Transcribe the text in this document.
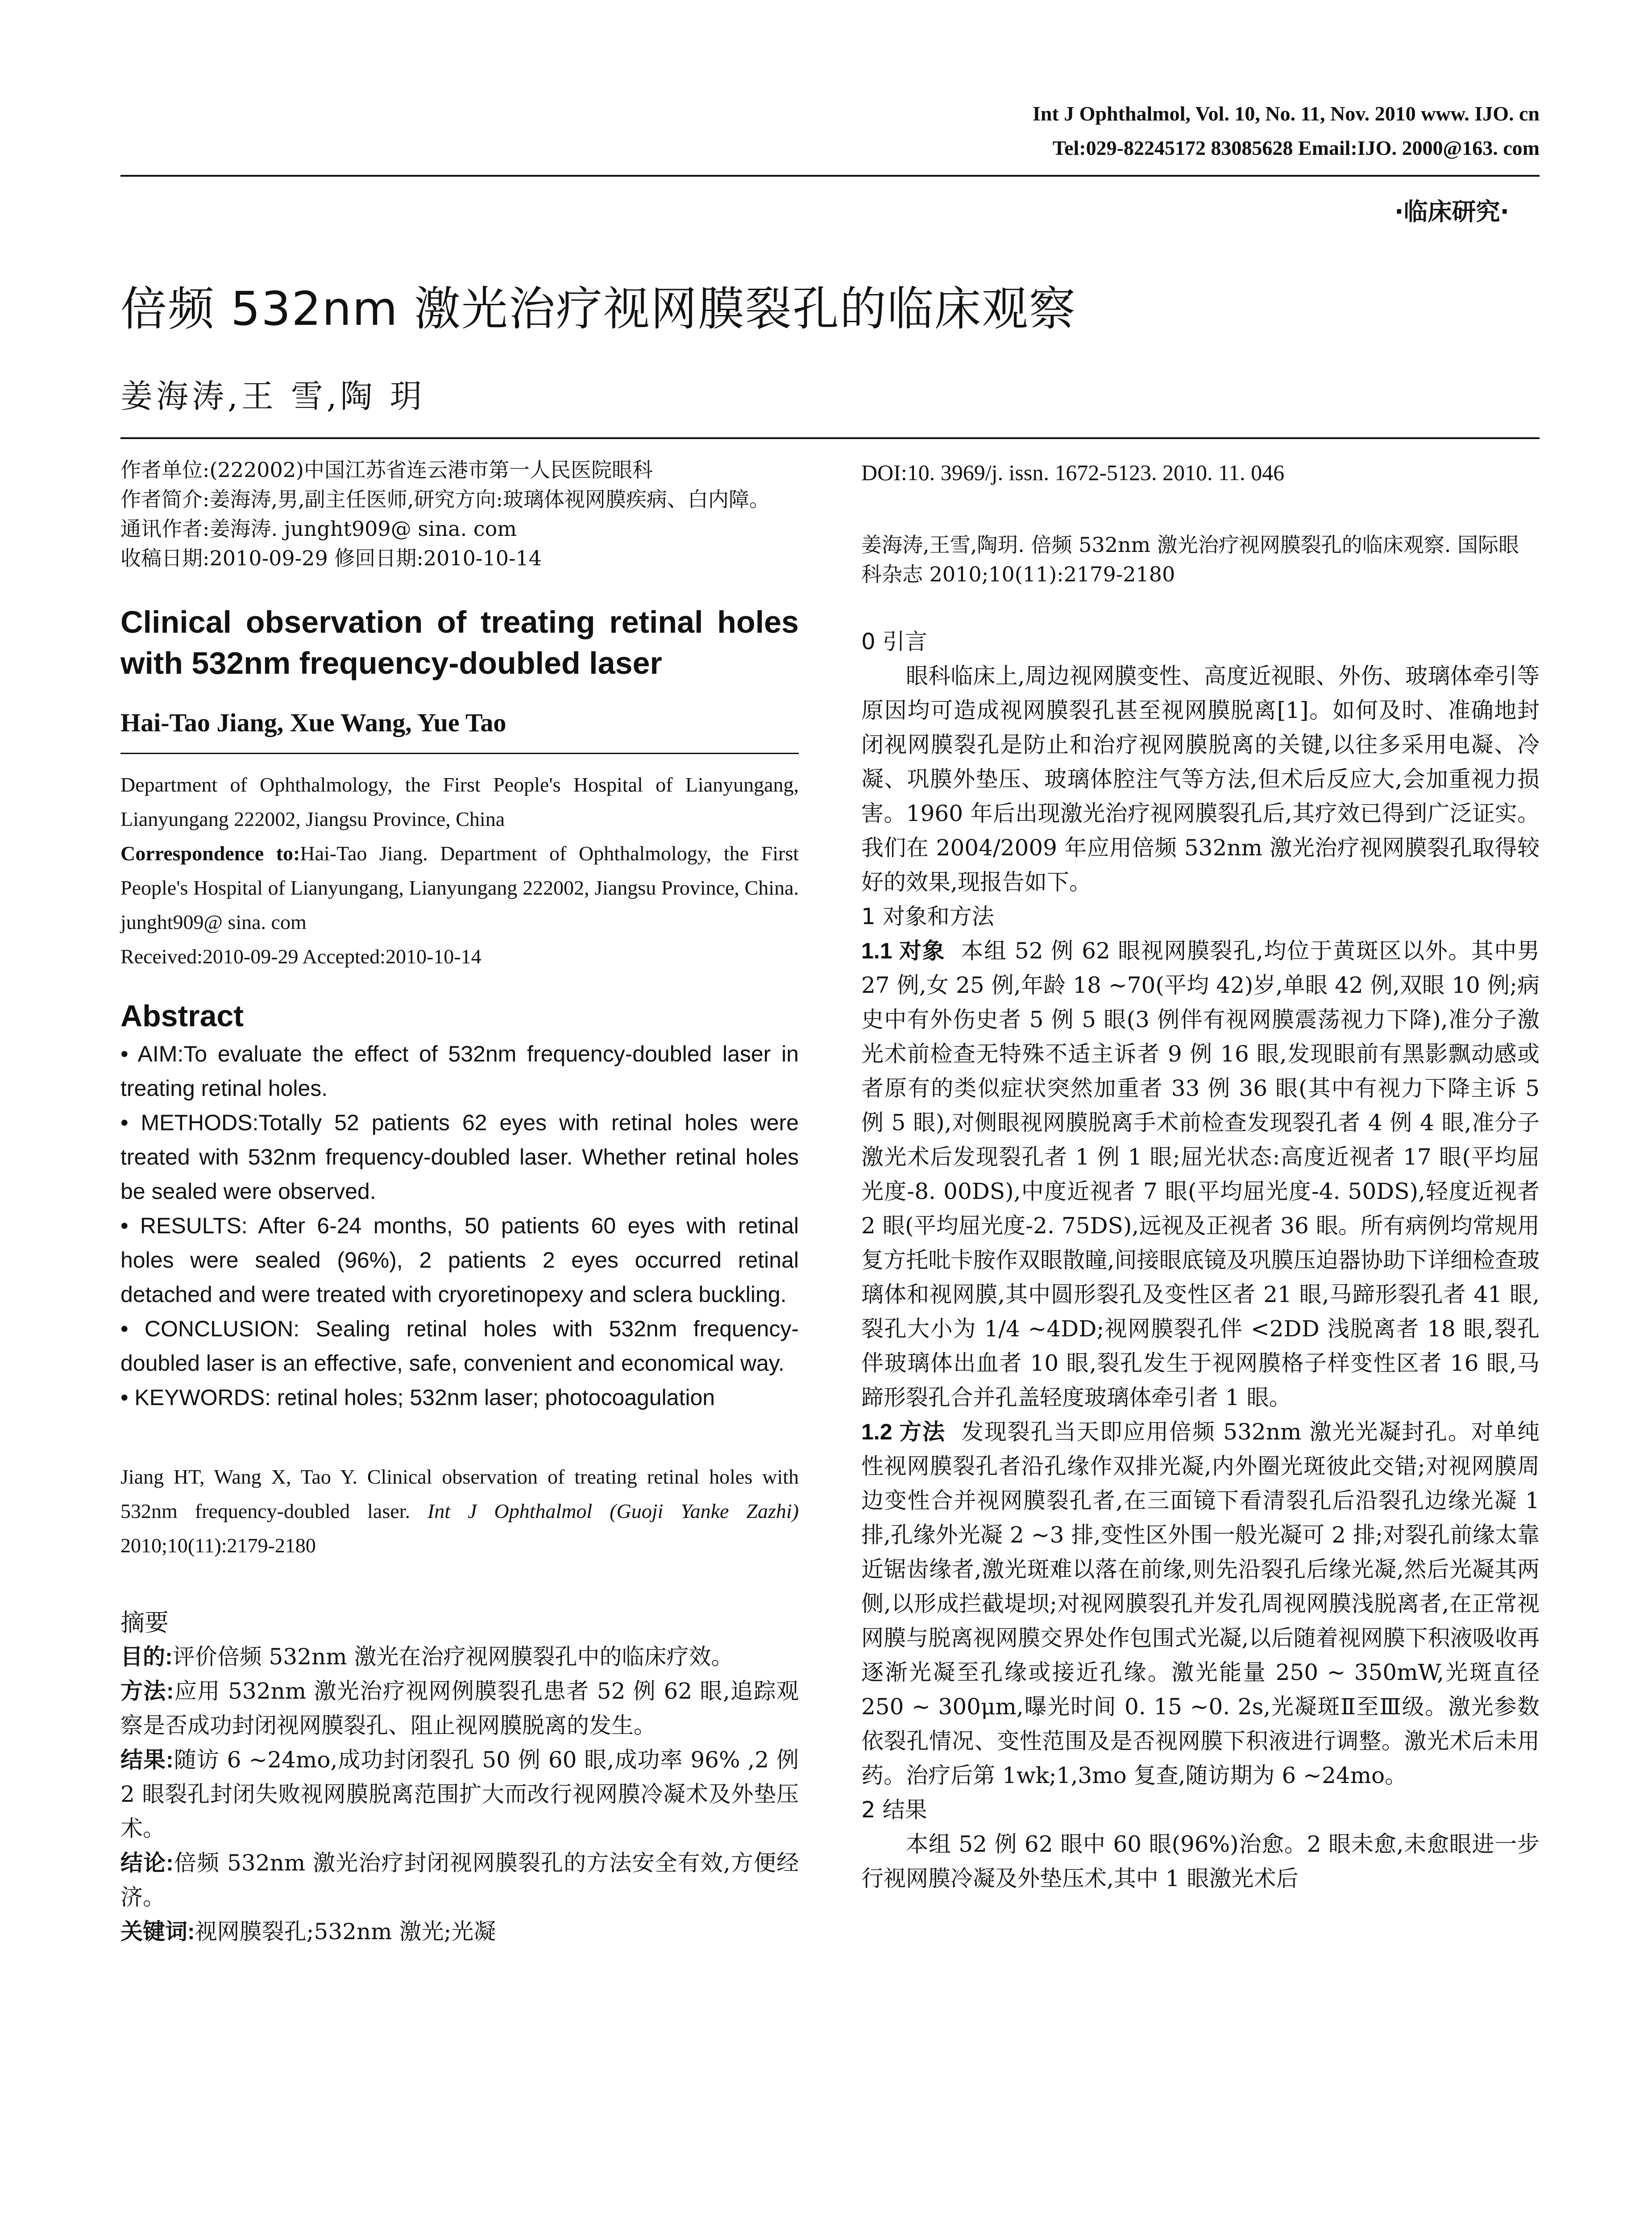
Int J Ophthalmol, Vol. 10, No. 11, Nov. 2010 www. IJO. cn
Tel:029-82245172 83085628 Email:IJO. 2000@163. com
·临床研究·
倍频 532nm 激光治疗视网膜裂孔的临床观察
姜海涛,王 雪,陶 玥

作者单位:(222002)中国江苏省连云港市第一人民医院眼科

作者简介:姜海涛,男,副主任医师,研究方向:玻璃体视网膜疾病、白内障。

通讯作者:姜海涛. junght909@ sina. com

收稿日期:2010-09-29 修回日期:2010-10-14

Clinical observation of treating retinal holes with 532nm frequency-doubled laser
Hai-Tao Jiang, Xue Wang, Yue Tao

Department of Ophthalmology, the First People's Hospital of Lianyungang, Lianyungang 222002, Jiangsu Province, China

Correspondence to:Hai-Tao Jiang. Department of Ophthalmology, the First People's Hospital of Lianyungang, Lianyungang 222002, Jiangsu Province, China. junght909@ sina. com

Received:2010-09-29 Accepted:2010-10-14

Abstract

• AIM:To evaluate the effect of 532nm frequency-doubled laser in treating retinal holes.

• METHODS:Totally 52 patients 62 eyes with retinal holes were treated with 532nm frequency-doubled laser. Whether retinal holes be sealed were observed.

• RESULTS: After 6-24 months, 50 patients 60 eyes with retinal holes were sealed (96%), 2 patients 2 eyes occurred retinal detached and were treated with cryoretinopexy and sclera buckling.

• CONCLUSION: Sealing retinal holes with 532nm frequency-doubled laser is an effective, safe, convenient and economical way.

• KEYWORDS: retinal holes; 532nm laser; photocoagulation

Jiang HT, Wang X, Tao Y. Clinical observation of treating retinal holes with 532nm frequency-doubled laser. Int J Ophthalmol (Guoji Yanke Zazhi) 2010;10(11):2179-2180

摘要

目的:评价倍频 532nm 激光在治疗视网膜裂孔中的临床疗效。

方法:应用 532nm 激光治疗视网例膜裂孔患者 52 例 62 眼,追踪观察是否成功封闭视网膜裂孔、阻止视网膜脱离的发生。

结果:随访 6 ~24mo,成功封闭裂孔 50 例 60 眼,成功率 96% ,2 例 2 眼裂孔封闭失败视网膜脱离范围扩大而改行视网膜冷凝术及外垫压术。

结论:倍频 532nm 激光治疗封闭视网膜裂孔的方法安全有效,方便经济。

关键词:视网膜裂孔;532nm 激光;光凝

DOI:10. 3969/j. issn. 1672-5123. 2010. 11. 046

姜海涛,王雪,陶玥. 倍频 532nm 激光治疗视网膜裂孔的临床观察. 国际眼科杂志 2010;10(11):2179-2180

0 引言

眼科临床上,周边视网膜变性、高度近视眼、外伤、玻璃体牵引等原因均可造成视网膜裂孔甚至视网膜脱离[1]。如何及时、准确地封闭视网膜裂孔是防止和治疗视网膜脱离的关键,以往多采用电凝、冷凝、巩膜外垫压、玻璃体腔注气等方法,但术后反应大,会加重视力损害。1960 年后出现激光治疗视网膜裂孔后,其疗效已得到广泛证实。我们在 2004/2009 年应用倍频 532nm 激光治疗视网膜裂孔取得较好的效果,现报告如下。

1 对象和方法

1.1 对象 本组 52 例 62 眼视网膜裂孔,均位于黄斑区以外。其中男 27 例,女 25 例,年龄 18 ~70(平均 42)岁,单眼 42 例,双眼 10 例;病史中有外伤史者 5 例 5 眼(3 例伴有视网膜震荡视力下降),准分子激光术前检查无特殊不适主诉者 9 例 16 眼,发现眼前有黑影飘动感或者原有的类似症状突然加重者 33 例 36 眼(其中有视力下降主诉 5 例 5 眼),对侧眼视网膜脱离手术前检查发现裂孔者 4 例 4 眼,准分子激光术后发现裂孔者 1 例 1 眼;屈光状态:高度近视者 17 眼(平均屈光度-8. 00DS),中度近视者 7 眼(平均屈光度-4. 50DS),轻度近视者 2 眼(平均屈光度-2. 75DS),远视及正视者 36 眼。所有病例均常规用复方托吡卡胺作双眼散瞳,间接眼底镜及巩膜压迫器协助下详细检查玻璃体和视网膜,其中圆形裂孔及变性区者 21 眼,马蹄形裂孔者 41 眼,裂孔大小为 1/4 ~4DD;视网膜裂孔伴 <2DD 浅脱离者 18 眼,裂孔伴玻璃体出血者 10 眼,裂孔发生于视网膜格子样变性区者 16 眼,马蹄形裂孔合并孔盖轻度玻璃体牵引者 1 眼。

1.2 方法 发现裂孔当天即应用倍频 532nm 激光光凝封孔。对单纯性视网膜裂孔者沿孔缘作双排光凝,内外圈光斑彼此交错;对视网膜周边变性合并视网膜裂孔者,在三面镜下看清裂孔后沿裂孔边缘光凝 1 排,孔缘外光凝 2 ~3 排,变性区外围一般光凝可 2 排;对裂孔前缘太靠近锯齿缘者,激光斑难以落在前缘,则先沿裂孔后缘光凝,然后光凝其两侧,以形成拦截堤坝;对视网膜裂孔并发孔周视网膜浅脱离者,在正常视网膜与脱离视网膜交界处作包围式光凝,以后随着视网膜下积液吸收再逐渐光凝至孔缘或接近孔缘。激光能量 250 ~ 350mW,光斑直径 250 ~ 300μm,曝光时间 0. 15 ~0. 2s,光凝斑Ⅱ至Ⅲ级。激光参数依裂孔情况、变性范围及是否视网膜下积液进行调整。激光术后未用药。治疗后第 1wk;1,3mo 复查,随访期为 6 ~24mo。

2 结果

本组 52 例 62 眼中 60 眼(96%)治愈。2 眼未愈,未愈眼进一步行视网膜冷凝及外垫压术,其中 1 眼激光术后
